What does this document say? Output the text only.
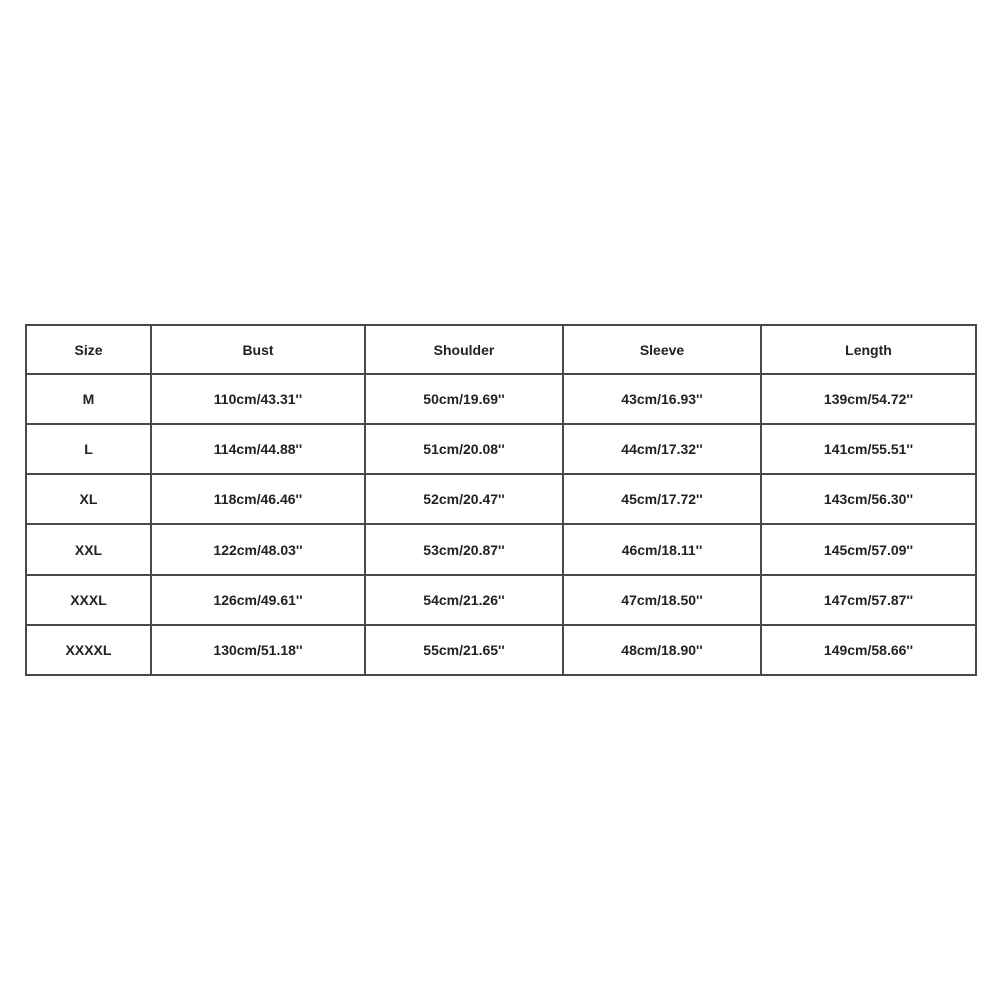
Size	Bust	Shoulder	Sleeve	Length
M	110cm/43.31''	50cm/19.69''	43cm/16.93''	139cm/54.72''
L	114cm/44.88''	51cm/20.08''	44cm/17.32''	141cm/55.51''
XL	118cm/46.46''	52cm/20.47''	45cm/17.72''	143cm/56.30''
XXL	122cm/48.03''	53cm/20.87''	46cm/18.11''	145cm/57.09''
XXXL	126cm/49.61''	54cm/21.26''	47cm/18.50''	147cm/57.87''
XXXXL	130cm/51.18''	55cm/21.65''	48cm/18.90''	149cm/58.66''
